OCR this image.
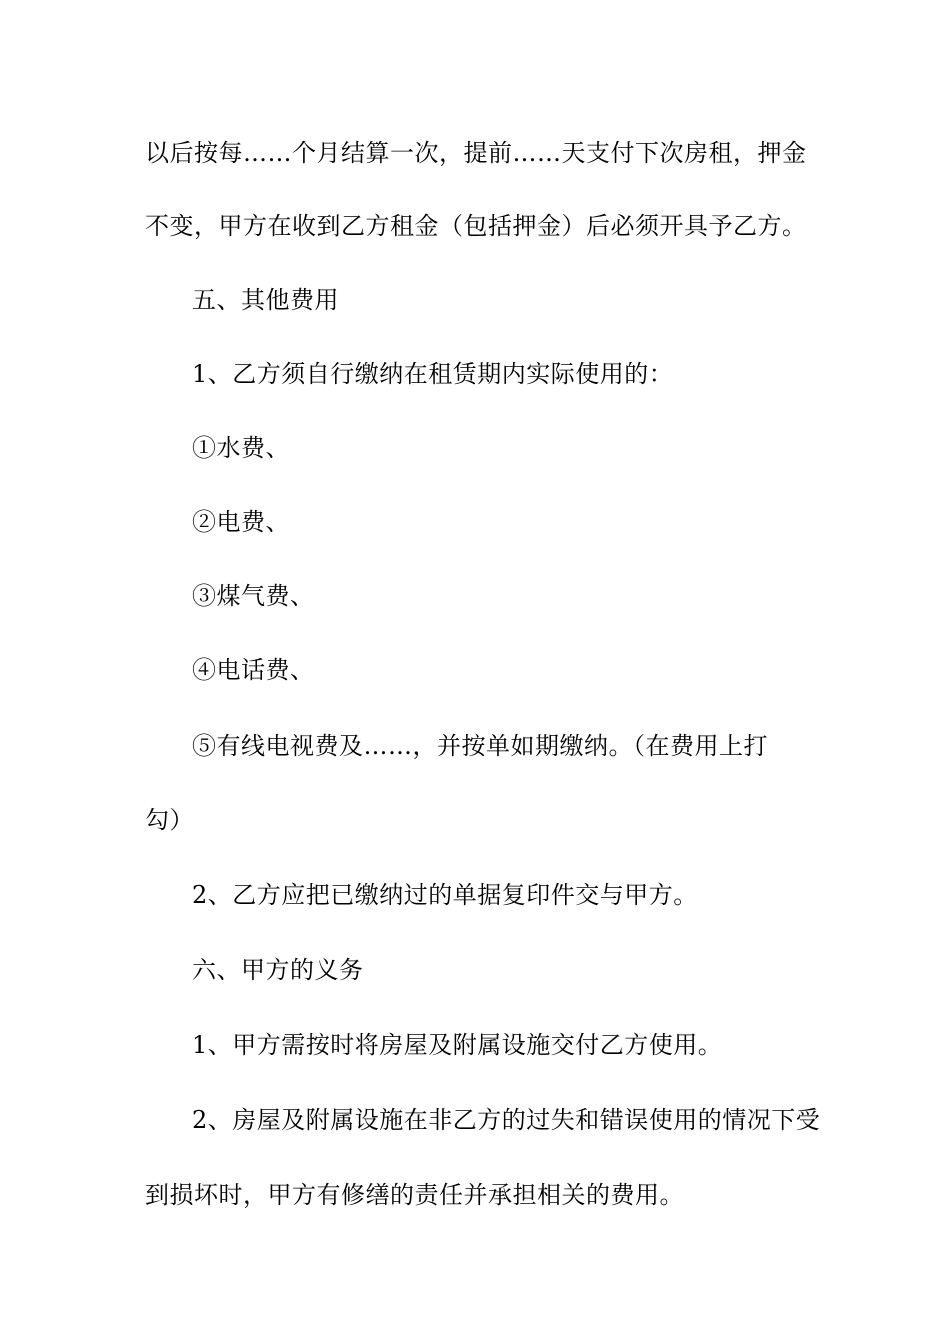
以后按每……个月结算一次，提前……天支付下次房租，押金
不变，甲方在收到乙方租金（包括押金）后必须开具予乙方。
五、其他费用
1、乙方须自行缴纳在租赁期内实际使用的：
①水费、
②电费、
③煤气费、
④电话费、
⑤有线电视费及……，并按单如期缴纳。（在费用上打
勾）
2、乙方应把已缴纳过的单据复印件交与甲方。
六、甲方的义务
1、甲方需按时将房屋及附属设施交付乙方使用。
2、房屋及附属设施在非乙方的过失和错误使用的情况下受
到损坏时，甲方有修缮的责任并承担相关的费用。
